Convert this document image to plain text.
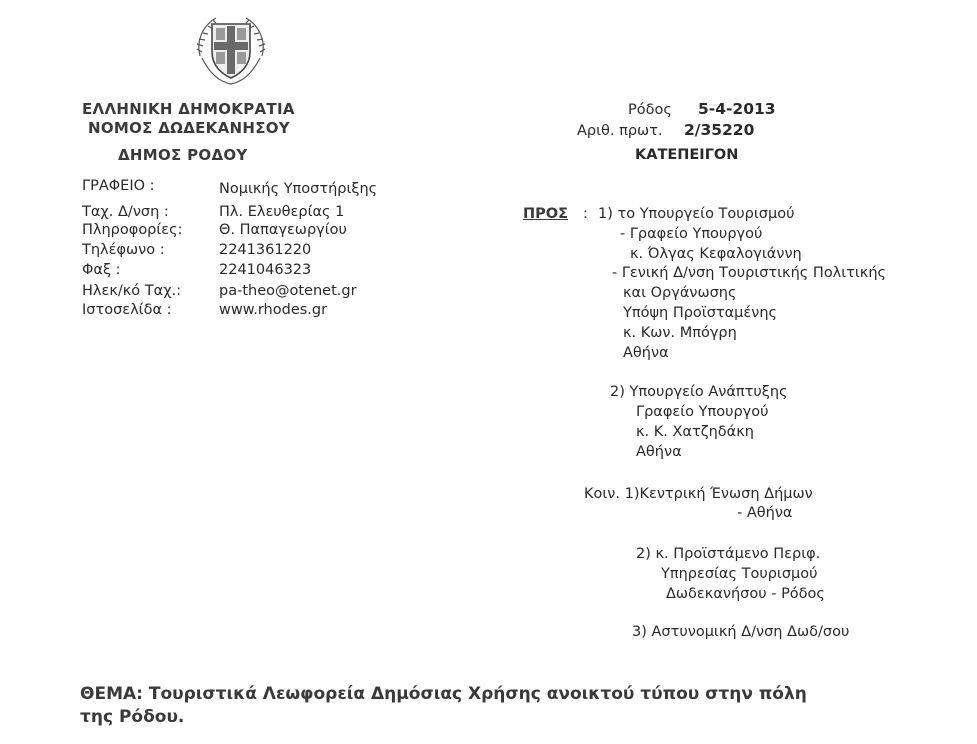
ΕΛΛΗΝΙΚΗ ΔΗΜΟΚΡΑΤΙΑ
ΝΟΜΟΣ ΔΩΔΕΚΑΝΗΣΟΥ
ΔΗΜΟΣ ΡΟΔΟΥ
ΓΡΑΦΕΙΟ :	Νομικής Υποστήριξης
Ταχ. Δ/νση :	Πλ. Ελευθερίας 1
Πληροφορίες:	Θ. Παπαγεωργίου
Τηλέφωνο :	2241361220
Φαξ :	2241046323
Ηλεκ/κό Ταχ.:	pa-theo@otenet.gr
Ιστοσελίδα :	www.rhodes.gr
Ρόδος 5-4-2013
Αριθ. πρωτ. 2/35220
ΚΑΤΕΠΕΙΓΟΝ
ΠΡΟΣ : 1) το Υπουργείο Τουρισμού
- Γραφείο Υπουργού
κ. Όλγας Κεφαλογιάννη
- Γενική Δ/νση Τουριστικής Πολιτικής
και Οργάνωσης
Υπόψη Προϊσταμένης
κ. Κων. Μπόγρη
Αθήνα
2) Υπουργείο Ανάπτυξης
Γραφείο Υπουργού
κ. Κ. Χατζηδάκη
Αθήνα
Κοιν. 1)Κεντρική Ένωση Δήμων
- Αθήνα
2) κ. Προϊστάμενο Περιφ.
Υπηρεσίας Τουρισμού
Δωδεκανήσου - Ρόδος
3) Αστυνομική Δ/νση Δωδ/σου
ΘΕΜΑ: Τουριστικά Λεωφορεία Δημόσιας Χρήσης ανοικτού τύπου στην πόλη
της Ρόδου.
